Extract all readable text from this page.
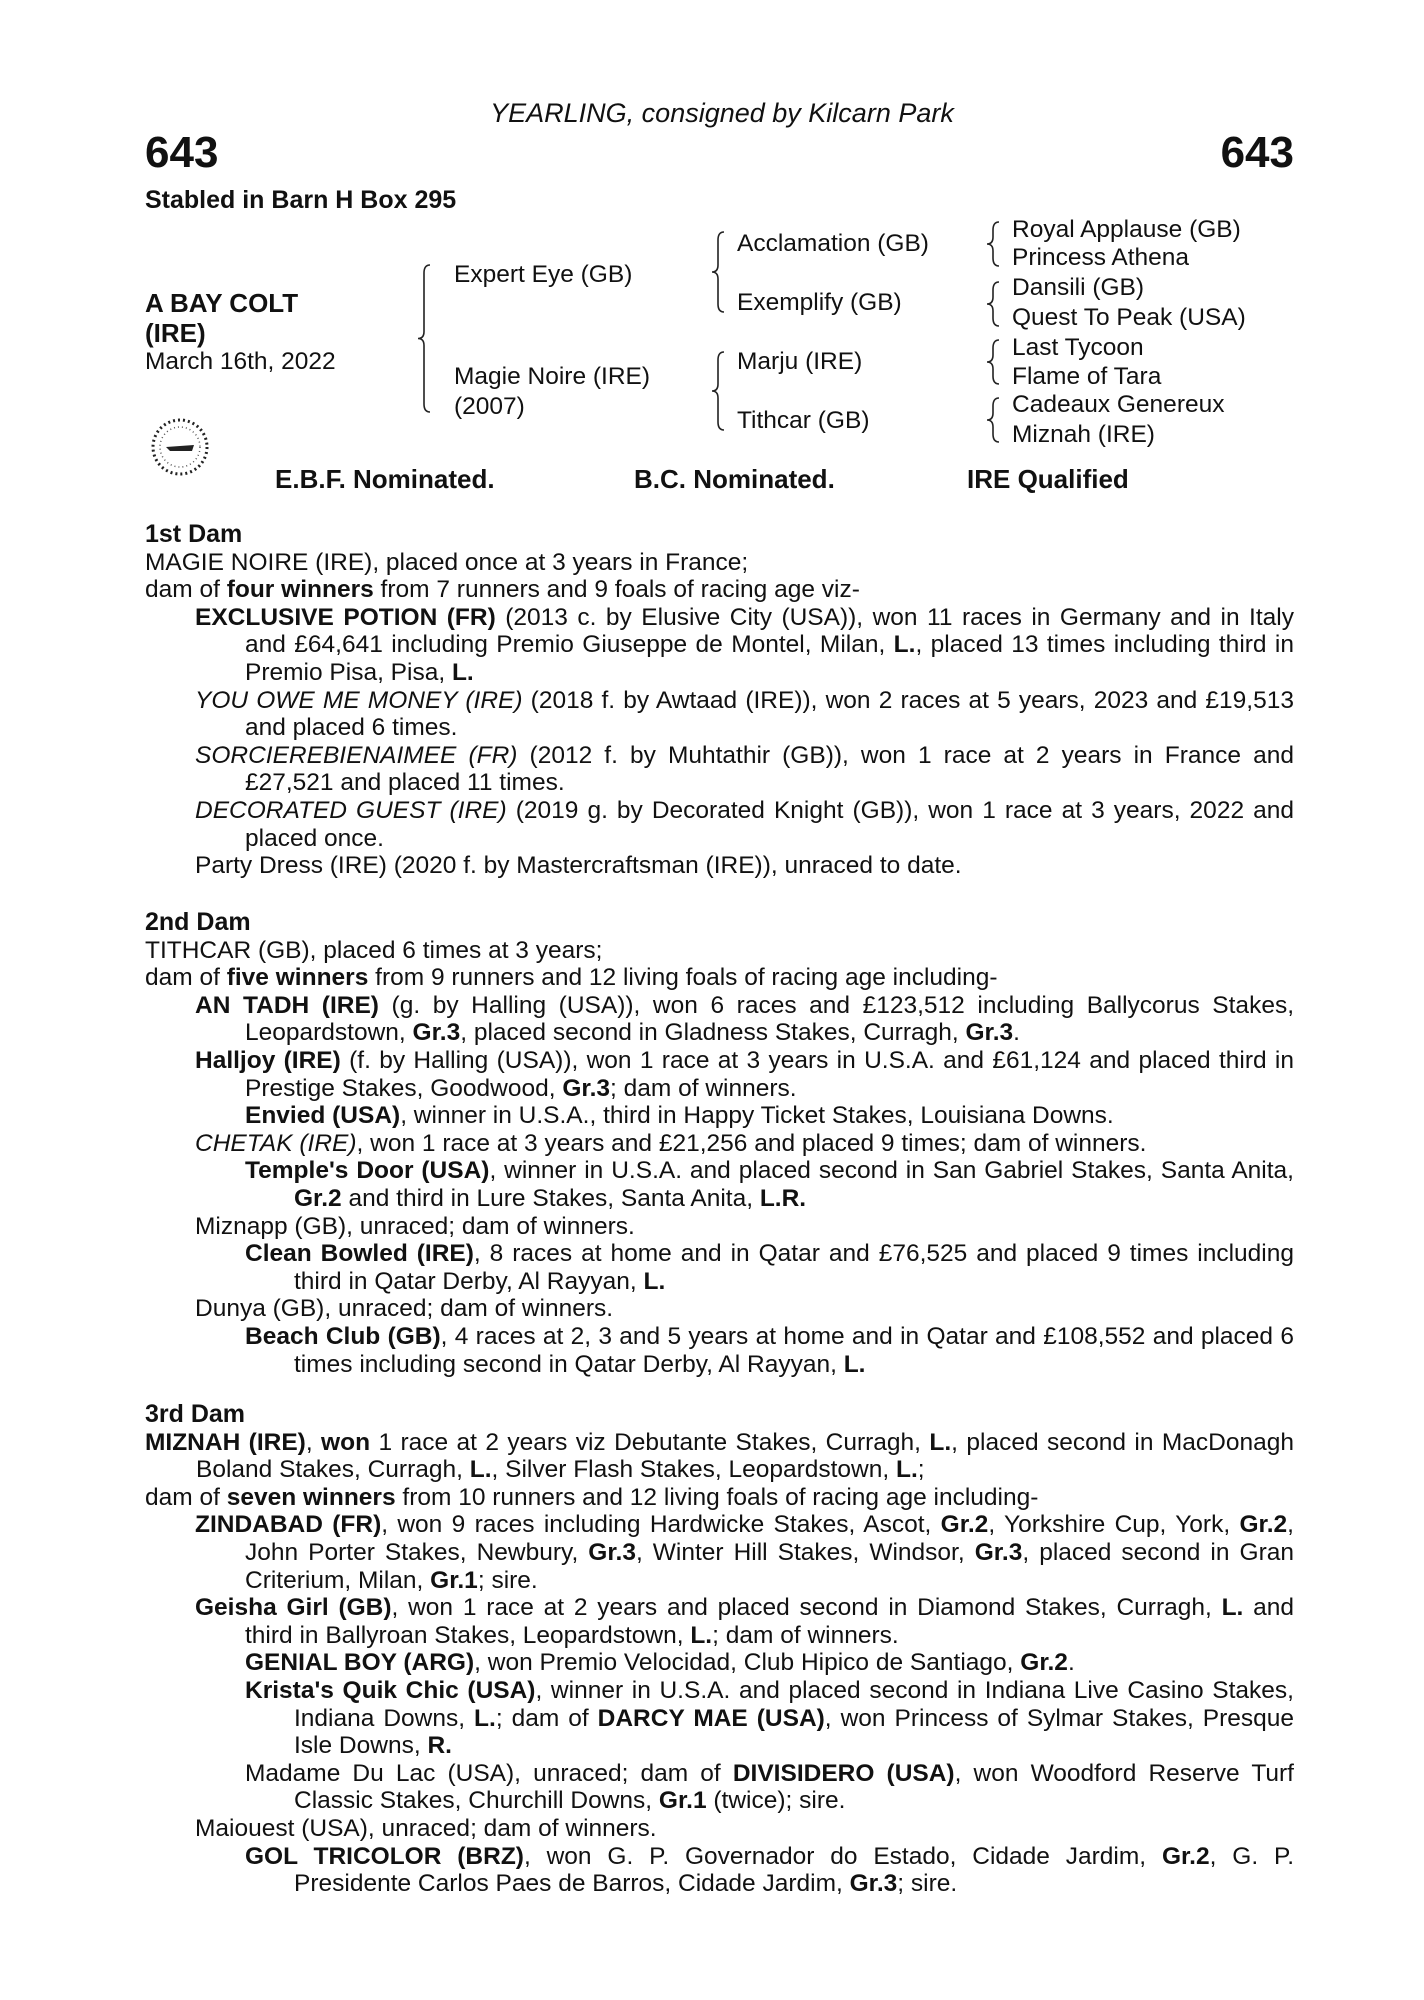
YEARLING, consigned by Kilcarn Park
643	643
Stabled in Barn H Box 295
A BAY COLT
(IRE)
March 16th, 2022
Expert Eye (GB)
Magie Noire (IRE)
(2007)
Acclamation (GB)
Exemplify (GB)
Marju (IRE)
Tithcar (GB)
Royal Applause (GB)
Princess Athena
Dansili (GB)
Quest To Peak (USA)
Last Tycoon
Flame of Tara
Cadeaux Genereux
Miznah (IRE)
E.B.F. Nominated.	B.C. Nominated.	IRE Qualified
1st Dam

MAGIE NOIRE (IRE), placed once at 3 years in France;

dam of four winners from 7 runners and 9 foals of racing age viz-

EXCLUSIVE POTION (FR) (2013 c. by Elusive City (USA)), won 11 races in Germany and in Italy and £64,641 including Premio Giuseppe de Montel, Milan, L., placed 13 times including third in Premio Pisa, Pisa, L.

YOU OWE ME MONEY (IRE) (2018 f. by Awtaad (IRE)), won 2 races at 5 years, 2023 and £19,513 and placed 6 times.

SORCIEREBIENAIMEE (FR) (2012 f. by Muhtathir (GB)), won 1 race at 2 years in France and £27,521 and placed 11 times.

DECORATED GUEST (IRE) (2019 g. by Decorated Knight (GB)), won 1 race at 3 years, 2022 and placed once.

Party Dress (IRE) (2020 f. by Mastercraftsman (IRE)), unraced to date.

2nd Dam

TITHCAR (GB), placed 6 times at 3 years;

dam of five winners from 9 runners and 12 living foals of racing age including-

AN TADH (IRE) (g. by Halling (USA)), won 6 races and £123,512 including Ballycorus Stakes, Leopardstown, Gr.3, placed second in Gladness Stakes, Curragh, Gr.3.

Halljoy (IRE) (f. by Halling (USA)), won 1 race at 3 years in U.S.A. and £61,124 and placed third in Prestige Stakes, Goodwood, Gr.3; dam of winners.

Envied (USA), winner in U.S.A., third in Happy Ticket Stakes, Louisiana Downs.

CHETAK (IRE), won 1 race at 3 years and £21,256 and placed 9 times; dam of winners.

Temple's Door (USA), winner in U.S.A. and placed second in San Gabriel Stakes, Santa Anita, Gr.2 and third in Lure Stakes, Santa Anita, L.R.

Miznapp (GB), unraced; dam of winners.

Clean Bowled (IRE), 8 races at home and in Qatar and £76,525 and placed 9 times including third in Qatar Derby, Al Rayyan, L.

Dunya (GB), unraced; dam of winners.

Beach Club (GB), 4 races at 2, 3 and 5 years at home and in Qatar and £108,552 and placed 6 times including second in Qatar Derby, Al Rayyan, L.

3rd Dam

MIZNAH (IRE), won 1 race at 2 years viz Debutante Stakes, Curragh, L., placed second in MacDonagh Boland Stakes, Curragh, L., Silver Flash Stakes, Leopardstown, L.;

dam of seven winners from 10 runners and 12 living foals of racing age including-

ZINDABAD (FR), won 9 races including Hardwicke Stakes, Ascot, Gr.2, Yorkshire Cup, York, Gr.2, John Porter Stakes, Newbury, Gr.3, Winter Hill Stakes, Windsor, Gr.3, placed second in Gran Criterium, Milan, Gr.1; sire.

Geisha Girl (GB), won 1 race at 2 years and placed second in Diamond Stakes, Curragh, L. and third in Ballyroan Stakes, Leopardstown, L.; dam of winners.

GENIAL BOY (ARG), won Premio Velocidad, Club Hipico de Santiago, Gr.2.

Krista's Quik Chic (USA), winner in U.S.A. and placed second in Indiana Live Casino Stakes, Indiana Downs, L.; dam of DARCY MAE (USA), won Princess of Sylmar Stakes, Presque Isle Downs, R.

Madame Du Lac (USA), unraced; dam of DIVISIDERO (USA), won Woodford Reserve Turf Classic Stakes, Churchill Downs, Gr.1 (twice); sire.

Maiouest (USA), unraced; dam of winners.

GOL TRICOLOR (BRZ), won G. P. Governador do Estado, Cidade Jardim, Gr.2, G. P. Presidente Carlos Paes de Barros, Cidade Jardim, Gr.3; sire.
